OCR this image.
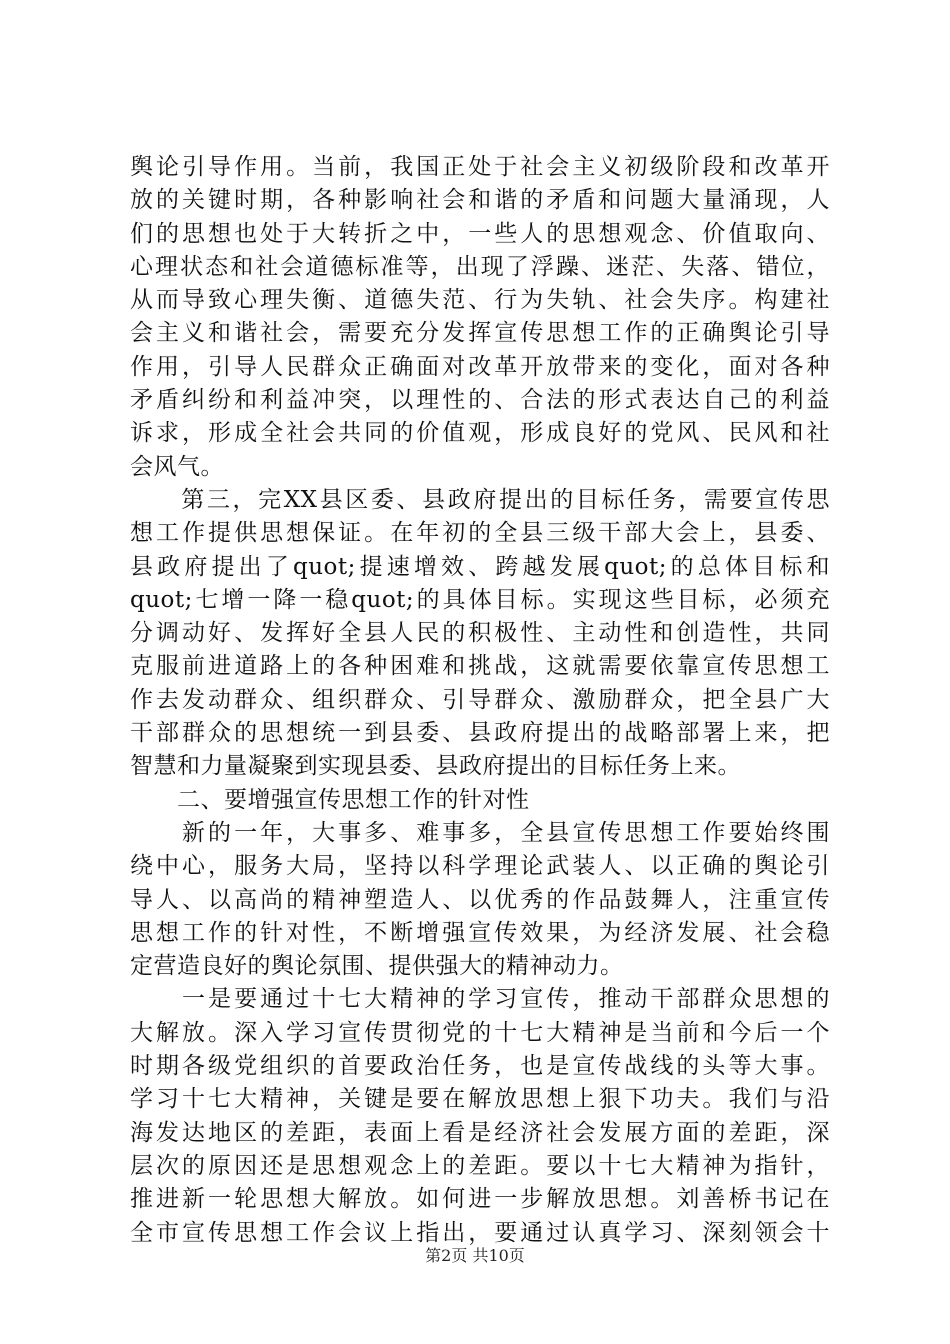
舆论引导作用。当前，我国正处于社会主义初级阶段和改革开
放的关键时期，各种影响社会和谐的矛盾和问题大量涌现，人
们的思想也处于大转折之中，一些人的思想观念、价值取向、
心理状态和社会道德标准等，出现了浮躁、迷茫、失落、错位，
从而导致心理失衡、道德失范、行为失轨、社会失序。构建社
会主义和谐社会，需要充分发挥宣传思想工作的正确舆论引导
作用，引导人民群众正确面对改革开放带来的变化，面对各种
矛盾纠纷和利益冲突，以理性的、合法的形式表达自己的利益
诉求，形成全社会共同的价值观，形成良好的党风、民风和社
会风气。
　　第三，完XX县区委、县政府提出的目标任务，需要宣传思
想工作提供思想保证。在年初的全县三级干部大会上，县委、
县政府提出了quot;提速增效、跨越发展quot;的总体目标和
quot;七增一降一稳quot;的具体目标。实现这些目标，必须充
分调动好、发挥好全县人民的积极性、主动性和创造性，共同
克服前进道路上的各种困难和挑战，这就需要依靠宣传思想工
作去发动群众、组织群众、引导群众、激励群众，把全县广大
干部群众的思想统一到县委、县政府提出的战略部署上来，把
智慧和力量凝聚到实现县委、县政府提出的目标任务上来。
　　二、要增强宣传思想工作的针对性
　　新的一年，大事多、难事多，全县宣传思想工作要始终围
绕中心，服务大局，坚持以科学理论武装人、以正确的舆论引
导人、以高尚的精神塑造人、以优秀的作品鼓舞人，注重宣传
思想工作的针对性，不断增强宣传效果，为经济发展、社会稳
定营造良好的舆论氛围、提供强大的精神动力。
　　一是要通过十七大精神的学习宣传，推动干部群众思想的
大解放。深入学习宣传贯彻党的十七大精神是当前和今后一个
时期各级党组织的首要政治任务，也是宣传战线的头等大事。
学习十七大精神，关键是要在解放思想上狠下功夫。我们与沿
海发达地区的差距，表面上看是经济社会发展方面的差距，深
层次的原因还是思想观念上的差距。要以十七大精神为指针，
推进新一轮思想大解放。如何进一步解放思想。刘善桥书记在
全市宣传思想工作会议上指出，要通过认真学习、深刻领会十
第2页 共10页
